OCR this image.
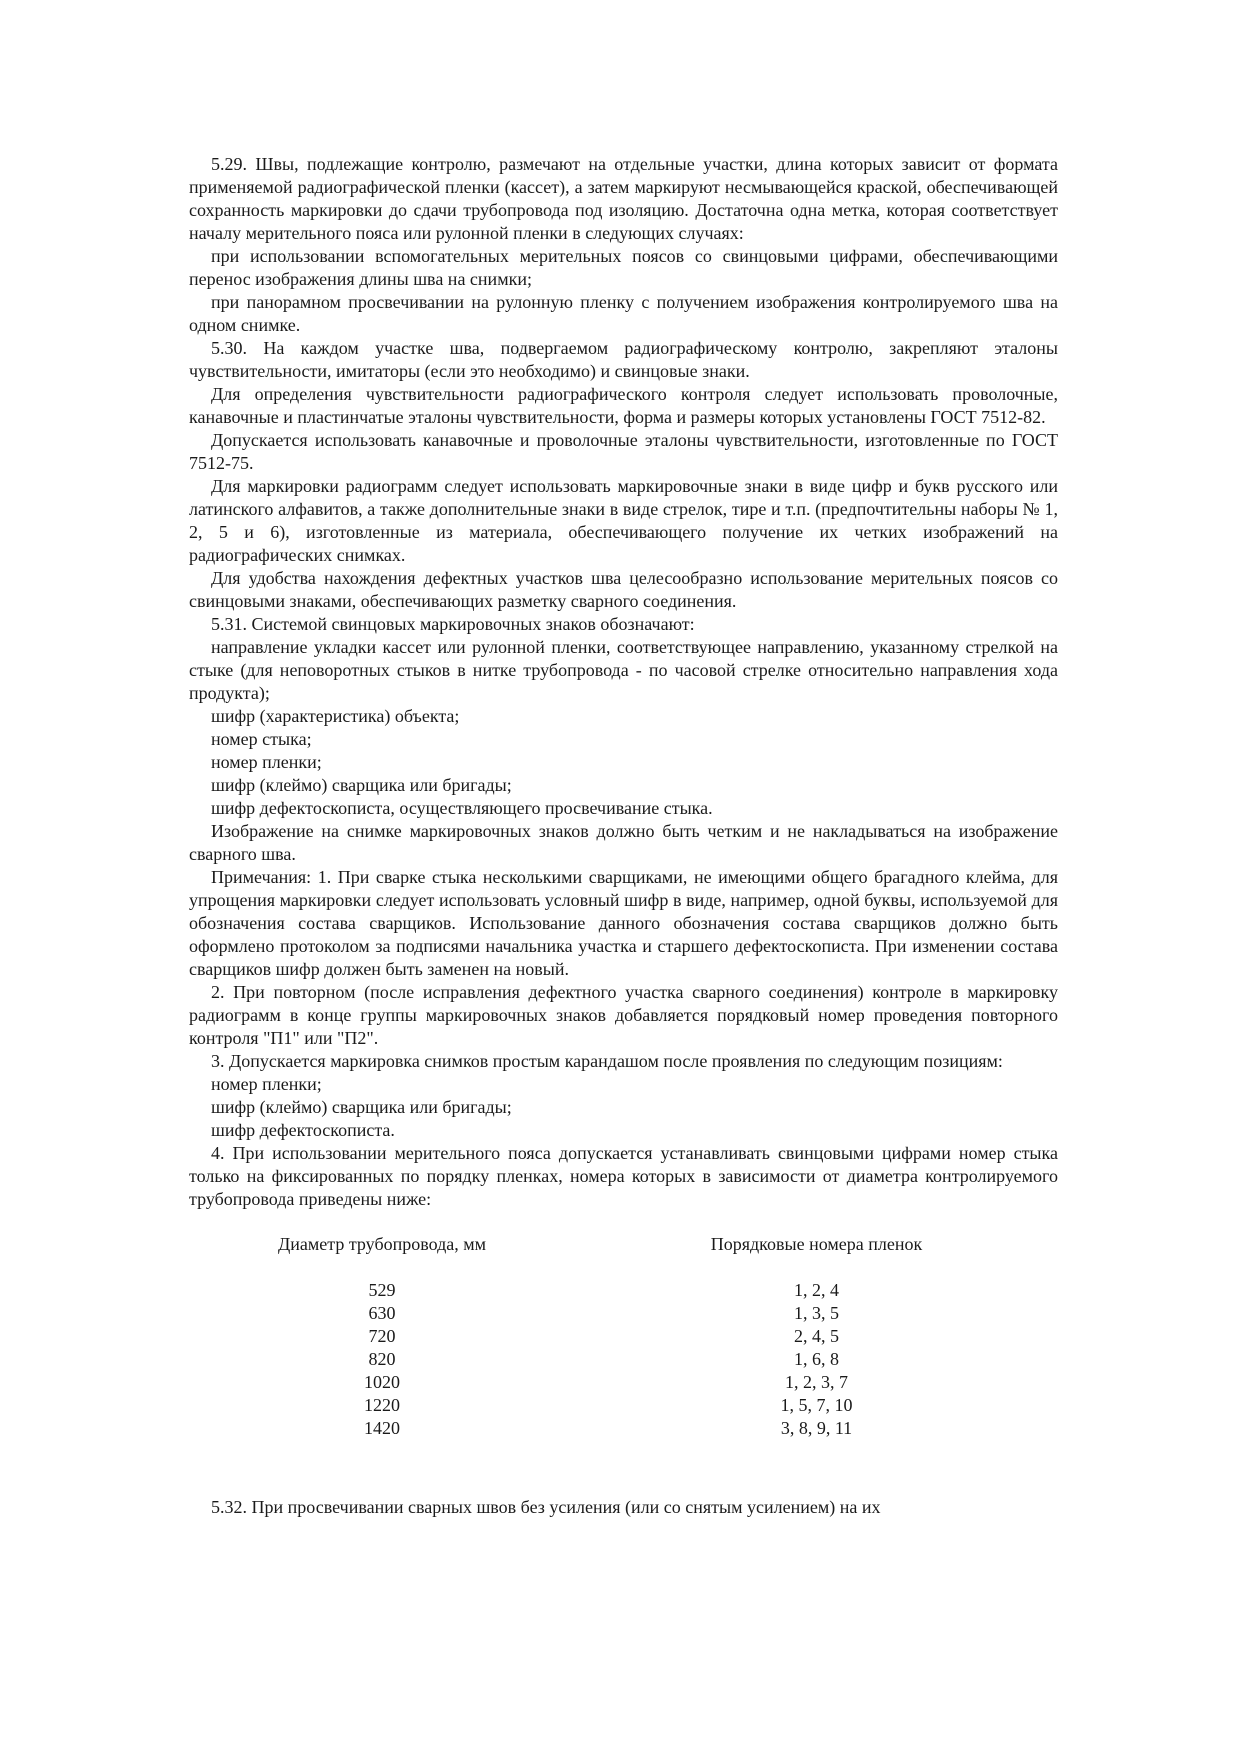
5.29. Швы, подлежащие контролю, размечают на отдельные участки, длина которых зависит от формата применяемой радиографической пленки (кассет), а затем маркируют несмывающейся краской, обеспечивающей сохранность маркировки до сдачи трубопровода под изоляцию. Достаточна одна метка, которая соответствует началу мерительного пояса или рулонной пленки в следующих случаях:

при использовании вспомогательных мерительных поясов со свинцовыми цифрами, обеспечивающими перенос изображения длины шва на снимки;

при панорамном просвечивании на рулонную пленку с получением изображения контролируемого шва на одном снимке.

5.30. На каждом участке шва, подвергаемом радиографическому контролю, закрепляют эталоны чувствительности, имитаторы (если это необходимо) и свинцовые знаки.

Для определения чувствительности радиографического контроля следует использовать проволочные, канавочные и пластинчатые эталоны чувствительности, форма и размеры которых установлены ГОСТ 7512-82.

Допускается использовать канавочные и проволочные эталоны чувствительности, изготовленные по ГОСТ 7512-75.

Для маркировки радиограмм следует использовать маркировочные знаки в виде цифр и букв русского или латинского алфавитов, а также дополнительные знаки в виде стрелок, тире и т.п. (предпочтительны наборы № 1, 2, 5 и 6), изготовленные из материала, обеспечивающего получение их четких изображений на радиографических снимках.

Для удобства нахождения дефектных участков шва целесообразно использование мерительных поясов со свинцовыми знаками, обеспечивающих разметку сварного соединения.

5.31. Системой свинцовых маркировочных знаков обозначают:

направление укладки кассет или рулонной пленки, соответствующее направлению, указанному стрелкой на стыке (для неповоротных стыков в нитке трубопровода - по часовой стрелке относительно направления хода продукта);

шифр (характеристика) объекта;

номер стыка;

номер пленки;

шифр (клеймо) сварщика или бригады;

шифр дефектоскописта, осуществляющего просвечивание стыка.

Изображение на снимке маркировочных знаков должно быть четким и не накладываться на изображение сварного шва.

Примечания: 1. При сварке стыка несколькими сварщиками, не имеющими общего брагадного клейма, для упрощения маркировки следует использовать условный шифр в виде, например, одной буквы, используемой для обозначения состава сварщиков. Использование данного обозначения состава сварщиков должно быть оформлено протоколом за подписями начальника участка и старшего дефектоскописта. При изменении состава сварщиков шифр должен быть заменен на новый.

2. При повторном (после исправления дефектного участка сварного соединения) контроле в маркировку радиограмм в конце группы маркировочных знаков добавляется порядковый номер проведения повторного контроля "П1" или "П2".

3. Допускается маркировка снимков простым карандашом после проявления по следующим позициям:

номер пленки;

шифр (клеймо) сварщика или бригады;

шифр дефектоскописта.

4. При использовании мерительного пояса допускается устанавливать свинцовыми цифрами номер стыка только на фиксированных по порядку пленках, номера которых в зависимости от диаметра контролируемого трубопровода приведены ниже:

Диаметр трубопровода, мм	Порядковые номера пленок
529	1, 2, 4
630	1, 3, 5
720	2, 4, 5
820	1, 6, 8
1020	1, 2, 3, 7
1220	1, 5, 7, 10
1420	3, 8, 9, 11

5.32. При просвечивании сварных швов без усиления (или со снятым усилением) на их
